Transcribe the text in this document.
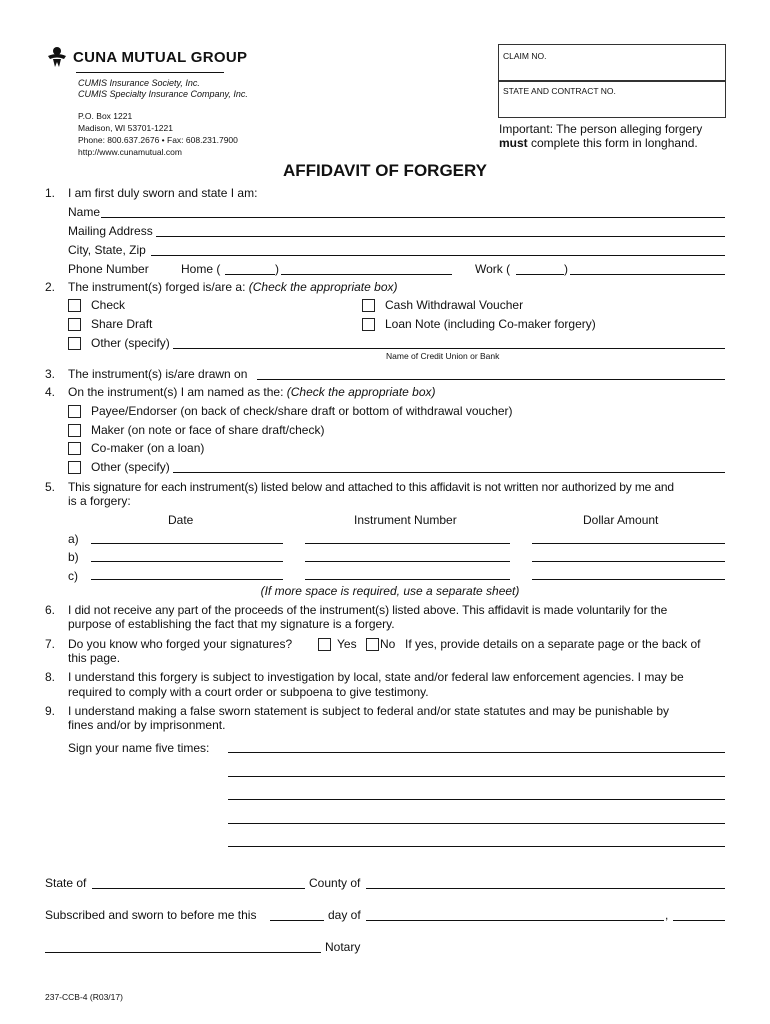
CUNA MUTUAL GROUP
CUMIS Insurance Society, Inc.
CUMIS Specialty Insurance Company, Inc.
P.O. Box 1221
Madison, WI 53701-1221
Phone: 800.637.2676 • Fax: 608.231.7900
http://www.cunamutual.com
CLAIM NO.
STATE AND CONTRACT NO.
Important: The person alleging forgery
must complete this form in longhand.
AFFIDAVIT OF FORGERY
1. I am first duly sworn and state I am:
Name
Mailing Address
City, State, Zip
Phone Number	Home (	)	Work (	)
2. The instrument(s) forged is/are a: (Check the appropriate box)
Check	Cash Withdrawal Voucher
Share Draft	Loan Note (including Co-maker forgery)
Other (specify)
Name of Credit Union or Bank
3. The instrument(s) is/are drawn on
4. On the instrument(s) I am named as the: (Check the appropriate box)
Payee/Endorser (on back of check/share draft or bottom of withdrawal voucher)
Maker (on note or face of share draft/check)
Co-maker (on a loan)
Other (specify)
5. This signature for each instrument(s) listed below and attached to this affidavit is not written nor authorized by me and
is a forgery:
Date	Instrument Number	Dollar Amount
a)
b)
c)
(If more space is required, use a separate sheet)
6. I did not receive any part of the proceeds of the instrument(s) listed above. This affidavit is made voluntarily for the
purpose of establishing the fact that my signature is a forgery.
7. Do you know who forged your signatures?	Yes No If yes, provide details on a separate page or the back of
this page.
8. I understand this forgery is subject to investigation by local, state and/or federal law enforcement agencies. I may be
required to comply with a court order or subpoena to give testimony.
9. I understand making a false sworn statement is subject to federal and/or state statutes and may be punishable by
fines and/or by imprisonment.
Sign your name five times:
State of	County of
Subscribed and sworn to before me this	day of	,
Notary
237-CCB-4 (R03/17)
